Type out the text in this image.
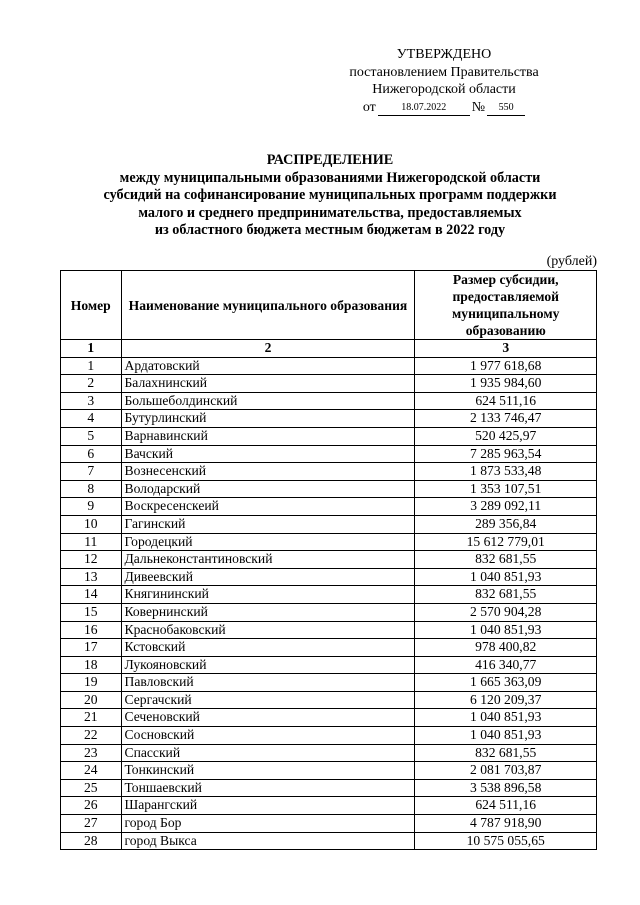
УТВЕРЖДЕНО
постановлением Правительства
Нижегородской области
от	18.07.2022	№	550
РАСПРЕДЕЛЕНИЕ
между муниципальными образованиями Нижегородской области
субсидий на софинансирование муниципальных программ поддержки
малого и среднего предпринимательства, предоставляемых
из областного бюджета местным бюджетам в 2022 году
(рублей)
Номер	Наименование муниципального образования	Размер субсидии, предоставляемой муниципальному образованию
1	2	3
1	Ардатовский	1 977 618,68
2	Балахнинский	1 935 984,60
3	Большеболдинский	624 511,16
4	Бутурлинский	2 133 746,47
5	Варнавинский	520 425,97
6	Вачский	7 285 963,54
7	Вознесенский	1 873 533,48
8	Володарский	1 353 107,51
9	Воскресенскеий	3 289 092,11
10	Гагинский	289 356,84
11	Городецкий	15 612 779,01
12	Дальнеконстантиновский	832 681,55
13	Дивеевский	1 040 851,93
14	Княгининский	832 681,55
15	Ковернинский	2 570 904,28
16	Краснобаковский	1 040 851,93
17	Кстовский	978 400,82
18	Лукояновский	416 340,77
19	Павловский	1 665 363,09
20	Сергачский	6 120 209,37
21	Сеченовский	1 040 851,93
22	Сосновский	1 040 851,93
23	Спасский	832 681,55
24	Тонкинский	2 081 703,87
25	Тоншаевский	3 538 896,58
26	Шарангский	624 511,16
27	город Бор	4 787 918,90
28	город Выкса	10 575 055,65
